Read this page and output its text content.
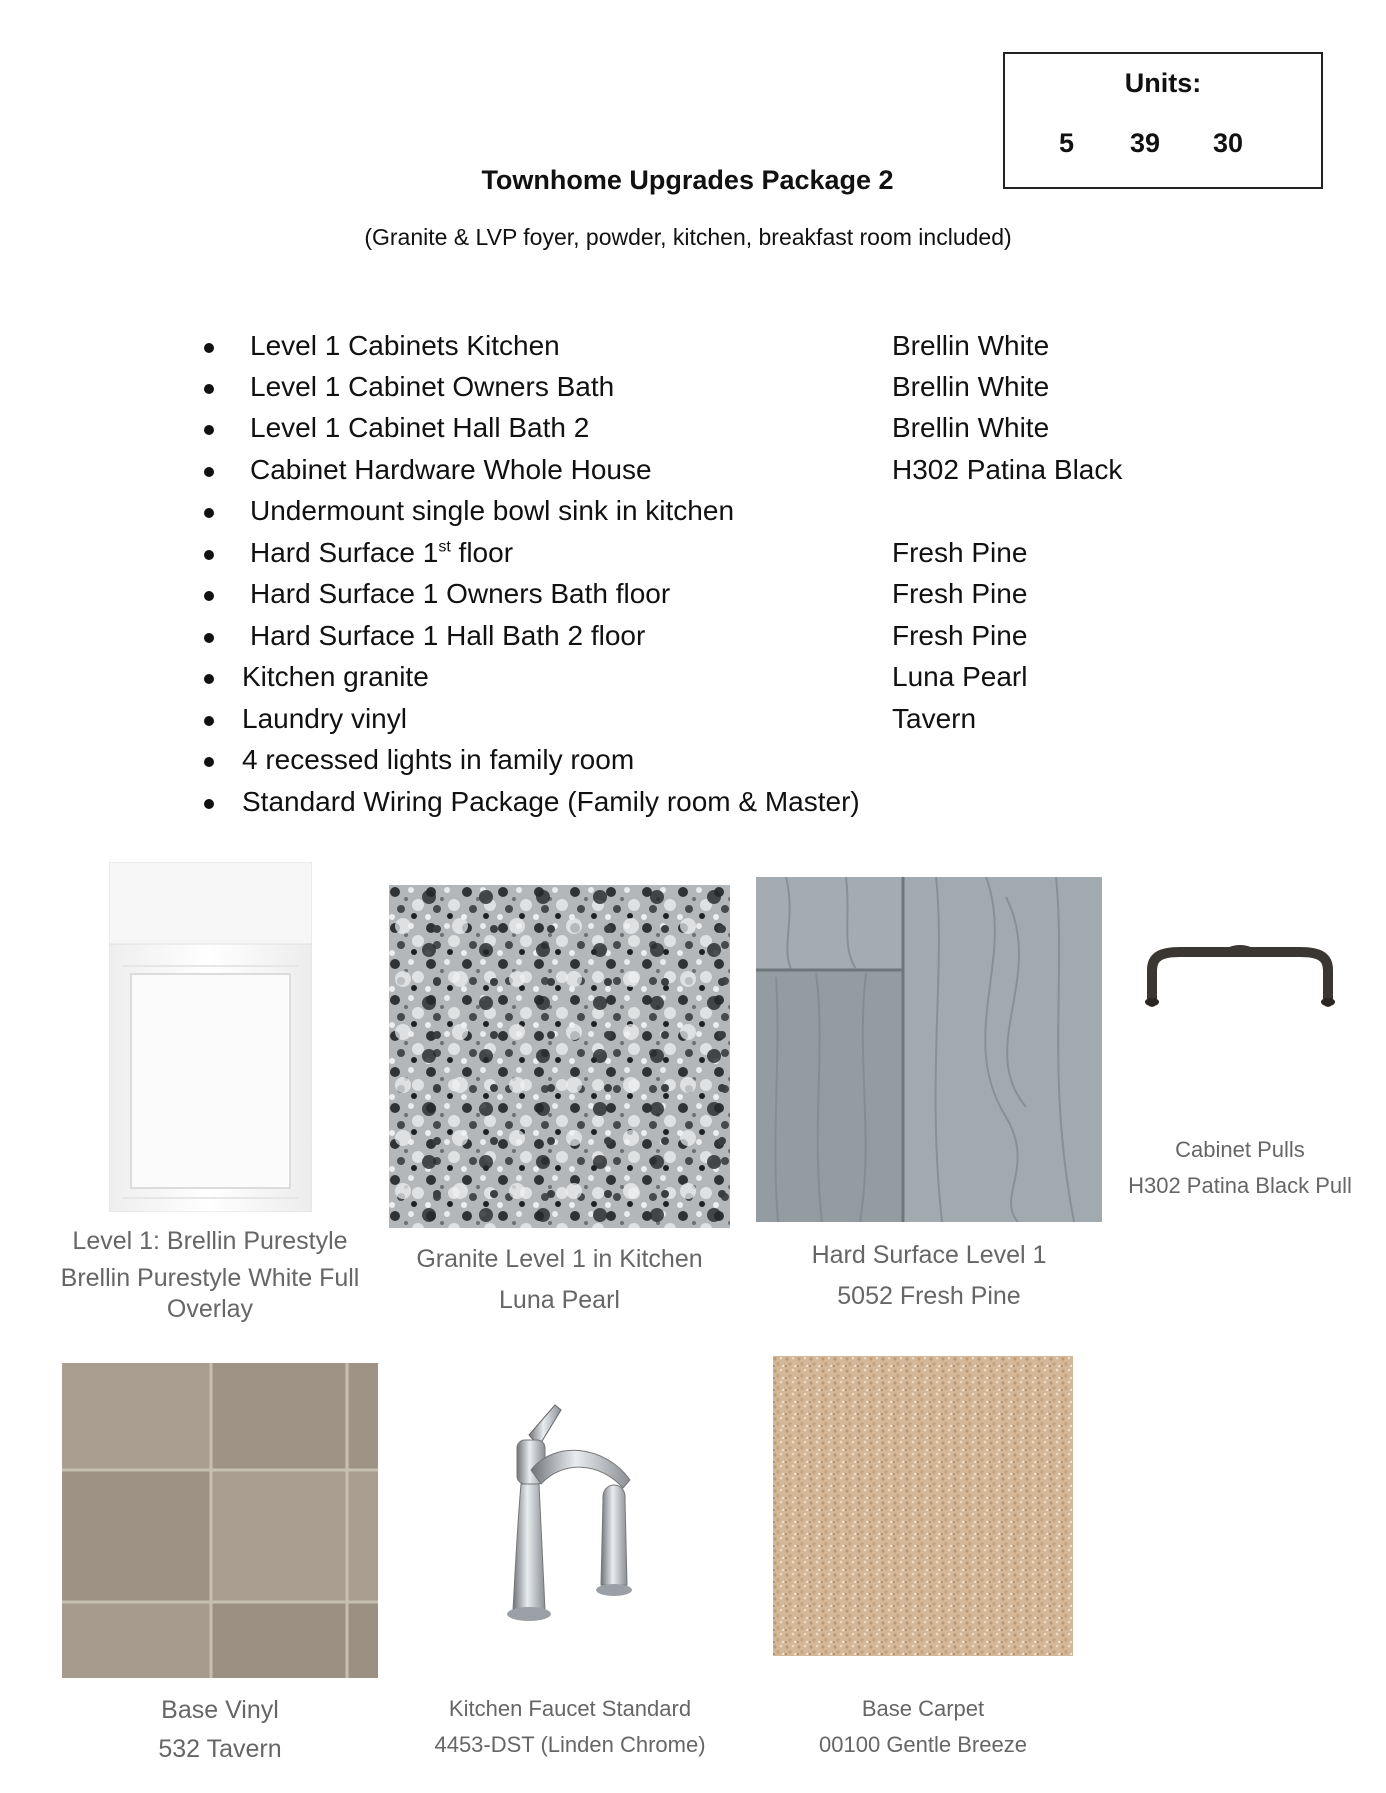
Units:
5 39 30
Townhome Upgrades Package 2
(Granite & LVP foyer, powder, kitchen, breakfast room included)
Level 1 Cabinets Kitchen	Brellin White
Level 1 Cabinet Owners Bath	Brellin White
Level 1 Cabinet Hall Bath 2	Brellin White
Cabinet Hardware Whole House	H302 Patina Black
Undermount single bowl sink in kitchen
Hard Surface 1st floor	Fresh Pine
Hard Surface 1 Owners Bath floor	Fresh Pine
Hard Surface 1 Hall Bath 2 floor	Fresh Pine
Kitchen granite	Luna Pearl
Laundry vinyl	Tavern
4 recessed lights in family room
Standard Wiring Package (Family room & Master)
Level 1: Brellin Purestyle
Brellin Purestyle White Full
Overlay
Granite Level 1 in Kitchen
Luna Pearl
Hard Surface Level 1
5052 Fresh Pine
Cabinet Pulls
H302 Patina Black Pull
Base Vinyl
532 Tavern
Kitchen Faucet Standard
4453-DST (Linden Chrome)
Base Carpet
00100 Gentle Breeze
